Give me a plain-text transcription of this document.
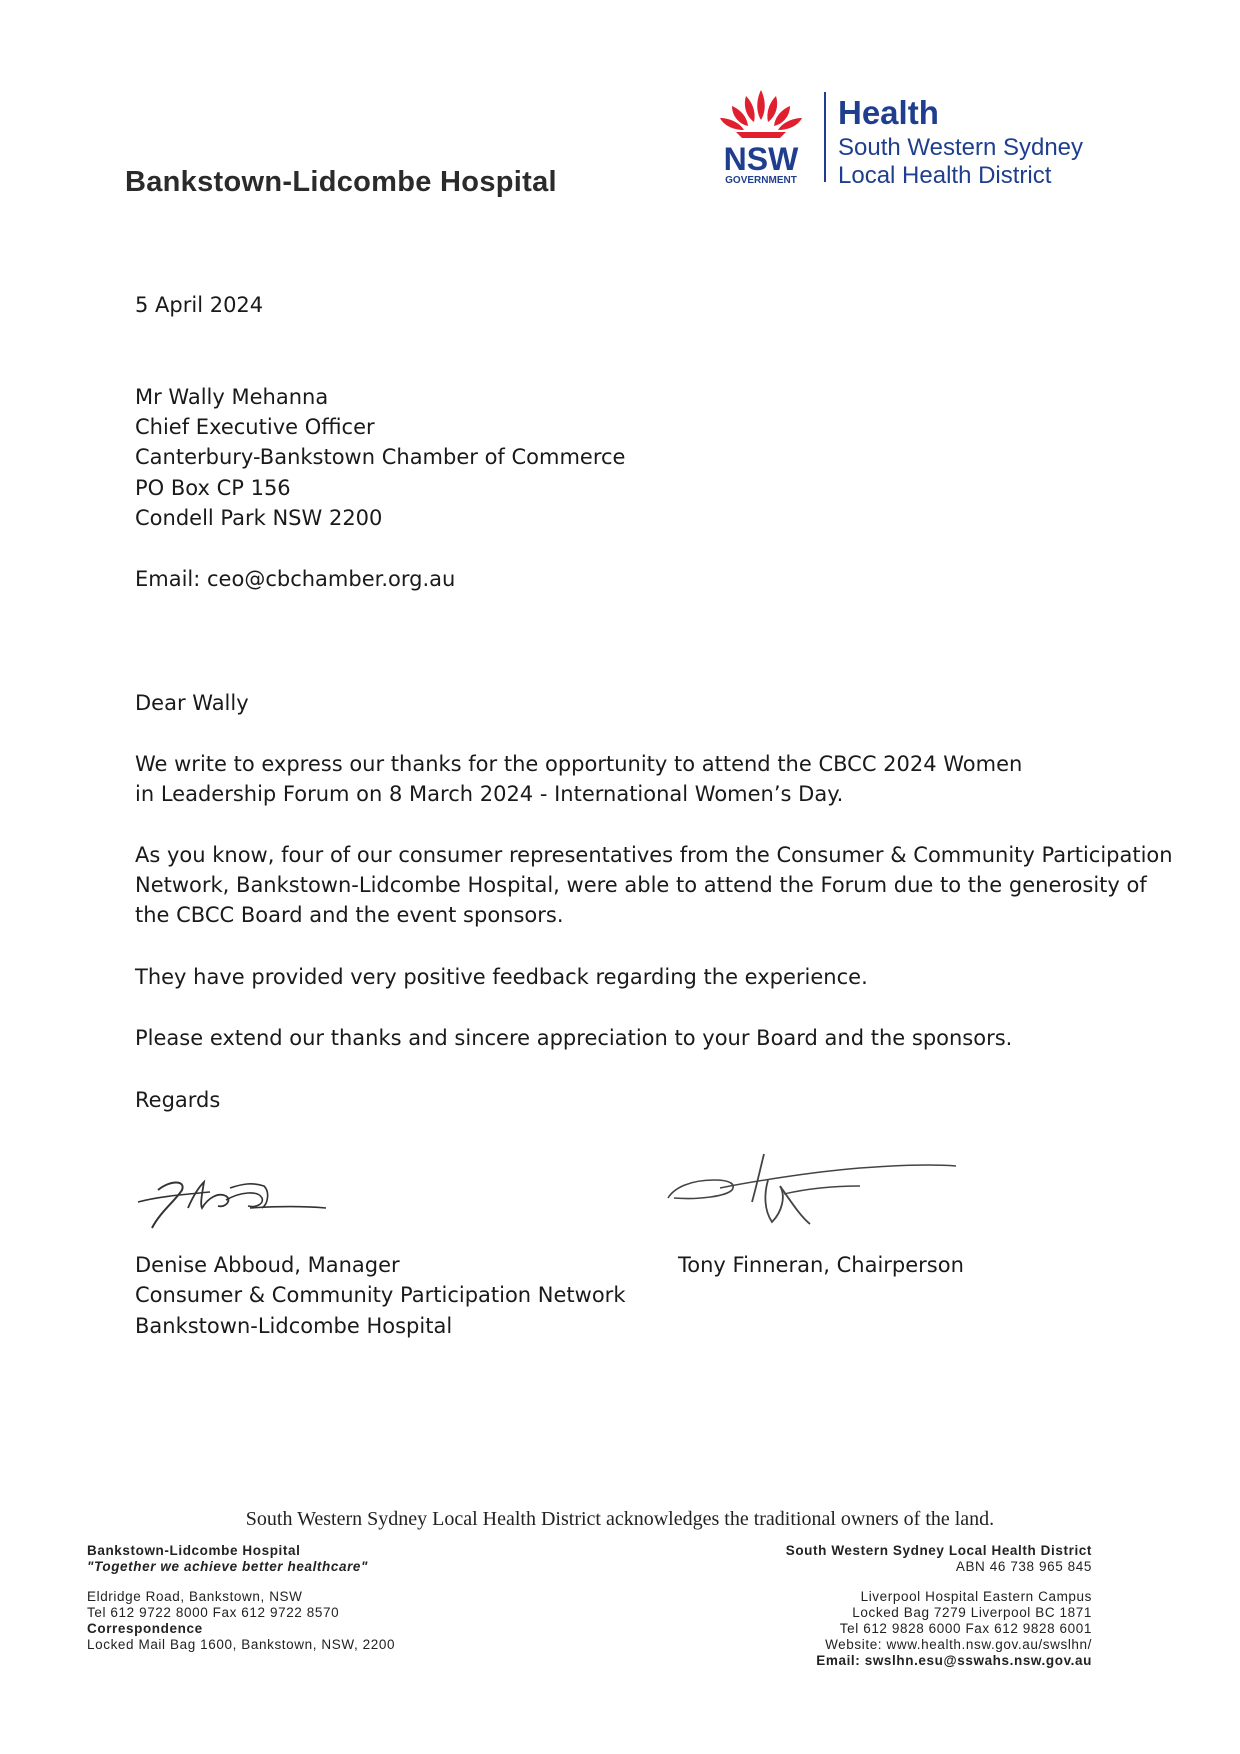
Bankstown-Lidcombe Hospital
NSW
GOVERNMENT
Health
South Western Sydney
Local Health District
5 April 2024
Mr Wally Mehanna
Chief Executive Officer
Canterbury-Bankstown Chamber of Commerce
PO Box CP 156
Condell Park NSW 2200
Email: ceo@cbchamber.org.au
Dear Wally
We write to express our thanks for the opportunity to attend the CBCC 2024 Women
in Leadership Forum on 8 March 2024 - International Women’s Day.
As you know, four of our consumer representatives from the Consumer & Community Participation
Network, Bankstown-Lidcombe Hospital, were able to attend the Forum due to the generosity of
the CBCC Board and the event sponsors.
They have provided very positive feedback regarding the experience.
Please extend our thanks and sincere appreciation to your Board and the sponsors.
Regards
Denise Abboud, Manager
Consumer & Community Participation Network
Bankstown-Lidcombe Hospital
Tony Finneran, Chairperson
South Western Sydney Local Health District acknowledges the traditional owners of the land.
Bankstown-Lidcombe Hospital
"Together we achieve better healthcare"
Eldridge Road, Bankstown, NSW
Tel 612 9722 8000 Fax 612 9722 8570
Correspondence
Locked Mail Bag 1600, Bankstown, NSW, 2200
South Western Sydney Local Health District
ABN 46 738 965 845
Liverpool Hospital Eastern Campus
Locked Bag 7279 Liverpool BC 1871
Tel 612 9828 6000 Fax 612 9828 6001
Website: www.health.nsw.gov.au/swslhn/
Email: swslhn.esu@sswahs.nsw.gov.au
